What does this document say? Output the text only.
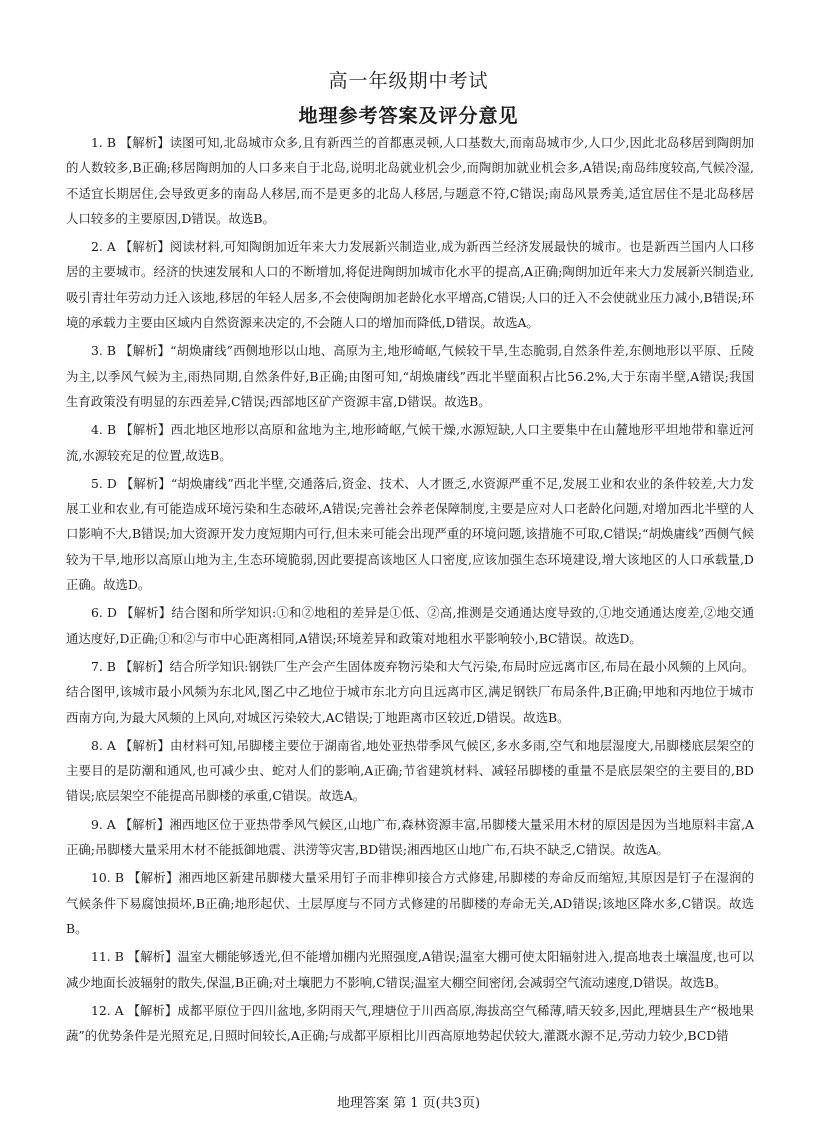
高一年级期中考试
地理参考答案及评分意见

1. B 【解析】读图可知,北岛城市众多,且有新西兰的首都惠灵顿,人口基数大,而南岛城市少,人口少,因此北岛移居到陶朗加的人数较多,B正确;移居陶朗加的人口多来自于北岛,说明北岛就业机会少,而陶朗加就业机会多,A错误;南岛纬度较高,气候冷湿,不适宜长期居住,会导致更多的南岛人移居,而不是更多的北岛人移居,与题意不符,C错误;南岛风景秀美,适宜居住不是北岛移居人口较多的主要原因,D错误。故选B。

2. A 【解析】阅读材料,可知陶朗加近年来大力发展新兴制造业,成为新西兰经济发展最快的城市。也是新西兰国内人口移居的主要城市。经济的快速发展和人口的不断增加,将促进陶朗加城市化水平的提高,A正确;陶朗加近年来大力发展新兴制造业,吸引青壮年劳动力迁入该地,移居的年轻人居多,不会使陶朗加老龄化水平增高,C错误;人口的迁入不会使就业压力减小,B错误;环境的承载力主要由区域内自然资源来决定的,不会随人口的增加而降低,D错误。故选A。

3. B 【解析】“胡焕庸线”西侧地形以山地、高原为主,地形崎岖,气候较干旱,生态脆弱,自然条件差,东侧地形以平原、丘陵为主,以季风气候为主,雨热同期,自然条件好,B正确;由图可知,“胡焕庸线”西北半壁面积占比56.2%,大于东南半壁,A错误;我国生育政策没有明显的东西差异,C错误;西部地区矿产资源丰富,D错误。故选B。

4. B 【解析】西北地区地形以高原和盆地为主,地形崎岖,气候干燥,水源短缺,人口主要集中在山麓地形平坦地带和靠近河流,水源较充足的位置,故选B。

5. D 【解析】“胡焕庸线”西北半壁,交通落后,资金、技术、人才匮乏,水资源严重不足,发展工业和农业的条件较差,大力发展工业和农业,有可能造成环境污染和生态破坏,A错误;完善社会养老保障制度,主要是应对人口老龄化问题,对增加西北半壁的人口影响不大,B错误;加大资源开发力度短期内可行,但未来可能会出现严重的环境问题,该措施不可取,C错误;“胡焕庸线”西侧气候较为干旱,地形以高原山地为主,生态环境脆弱,因此要提高该地区人口密度,应该加强生态环境建设,增大该地区的人口承载量,D正确。故选D。

6. D 【解析】结合图和所学知识:①和②地租的差异是①低、②高,推测是交通通达度导致的,①地交通通达度差,②地交通通达度好,D正确;①和②与市中心距离相同,A错误;环境差异和政策对地租水平影响较小,BC错误。故选D。

7. B 【解析】结合所学知识:钢铁厂生产会产生固体废弃物污染和大气污染,布局时应远离市区,布局在最小风频的上风向。结合图甲,该城市最小风频为东北风,图乙中乙地位于城市东北方向且远离市区,满足钢铁厂布局条件,B正确;甲地和丙地位于城市西南方向,为最大风频的上风向,对城区污染较大,AC错误;丁地距离市区较近,D错误。故选B。

8. A 【解析】由材料可知,吊脚楼主要位于湖南省,地处亚热带季风气候区,多水多雨,空气和地层湿度大,吊脚楼底层架空的主要目的是防潮和通风,也可减少虫、蛇对人们的影响,A正确;节省建筑材料、减轻吊脚楼的重量不是底层架空的主要目的,BD错误;底层架空不能提高吊脚楼的承重,C错误。故选A。

9. A 【解析】湘西地区位于亚热带季风气候区,山地广布,森林资源丰富,吊脚楼大量采用木材的原因是因为当地原料丰富,A正确;吊脚楼大量采用木材不能抵御地震、洪涝等灾害,BD错误;湘西地区山地广布,石块不缺乏,C错误。故选A。

10. B 【解析】湘西地区新建吊脚楼大量采用钉子而非榫卯接合方式修建,吊脚楼的寿命反而缩短,其原因是钉子在湿润的气候条件下易腐蚀损坏,B正确;地形起伏、土层厚度与不同方式修建的吊脚楼的寿命无关,AD错误;该地区降水多,C错误。故选B。

11. B 【解析】温室大棚能够透光,但不能增加棚内光照强度,A错误;温室大棚可使太阳辐射进入,提高地表土壤温度,也可以减少地面长波辐射的散失,保温,B正确;对土壤肥力不影响,C错误;温室大棚空间密闭,会减弱空气流动速度,D错误。故选B。

12. A 【解析】成都平原位于四川盆地,多阴雨天气,理塘位于川西高原,海拔高空气稀薄,晴天较多,因此,理塘县生产“极地果蔬”的优势条件是光照充足,日照时间较长,A正确;与成都平原相比川西高原地势起伏较大,灌溉水源不足,劳动力较少,BCD错

地理答案 第 1 页(共3页)
